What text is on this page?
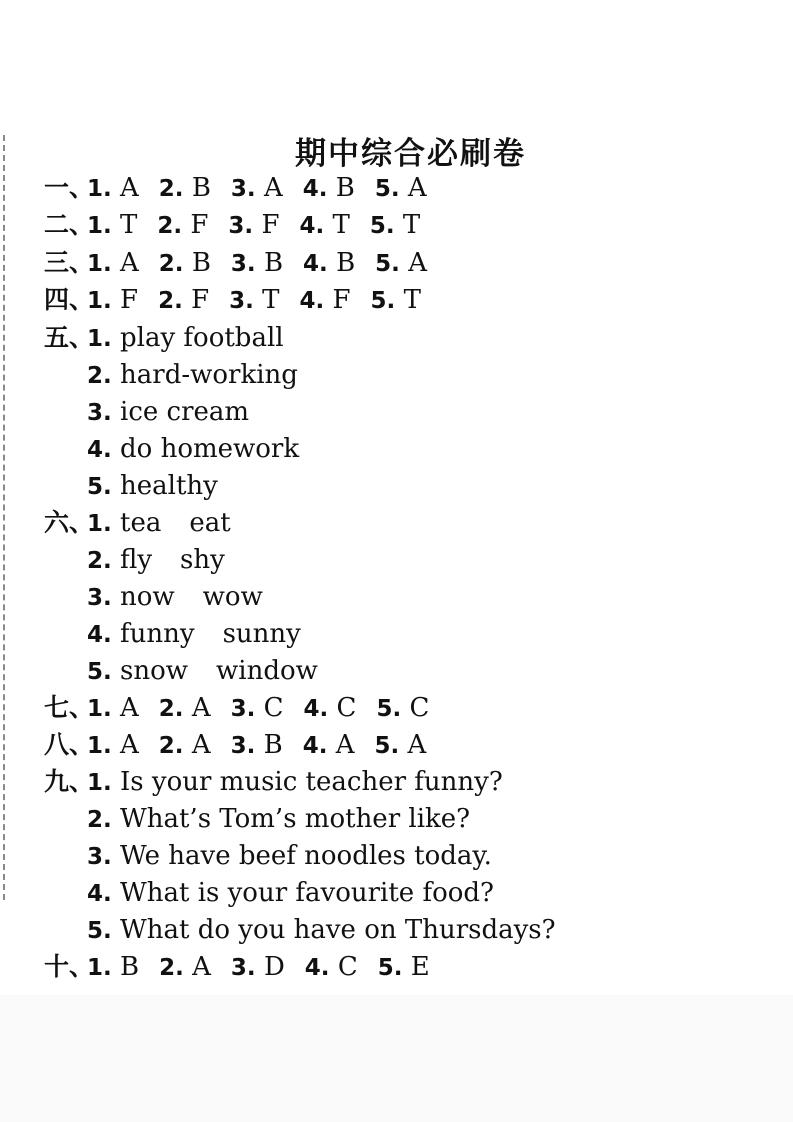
期中综合必刷卷
一、1. A 2. B 3. A 4. B 5. A
二、1. T 2. F 3. F 4. T 5. T
三、1. A 2. B 3. B 4. B 5. A
四、1. F 2. F 3. T 4. F 5. T
五、1. play football
2. hard-working
3. ice cream
4. do homework
5. healthy
六、1. tea eat
2. fly shy
3. now wow
4. funny sunny
5. snow window
七、1. A 2. A 3. C 4. C 5. C
八、1. A 2. A 3. B 4. A 5. A
九、1. Is your music teacher funny?
2. What’s Tom’s mother like?
3. We have beef noodles today.
4. What is your favourite food?
5. What do you have on Thursdays?
十、1. B 2. A 3. D 4. C 5. E
